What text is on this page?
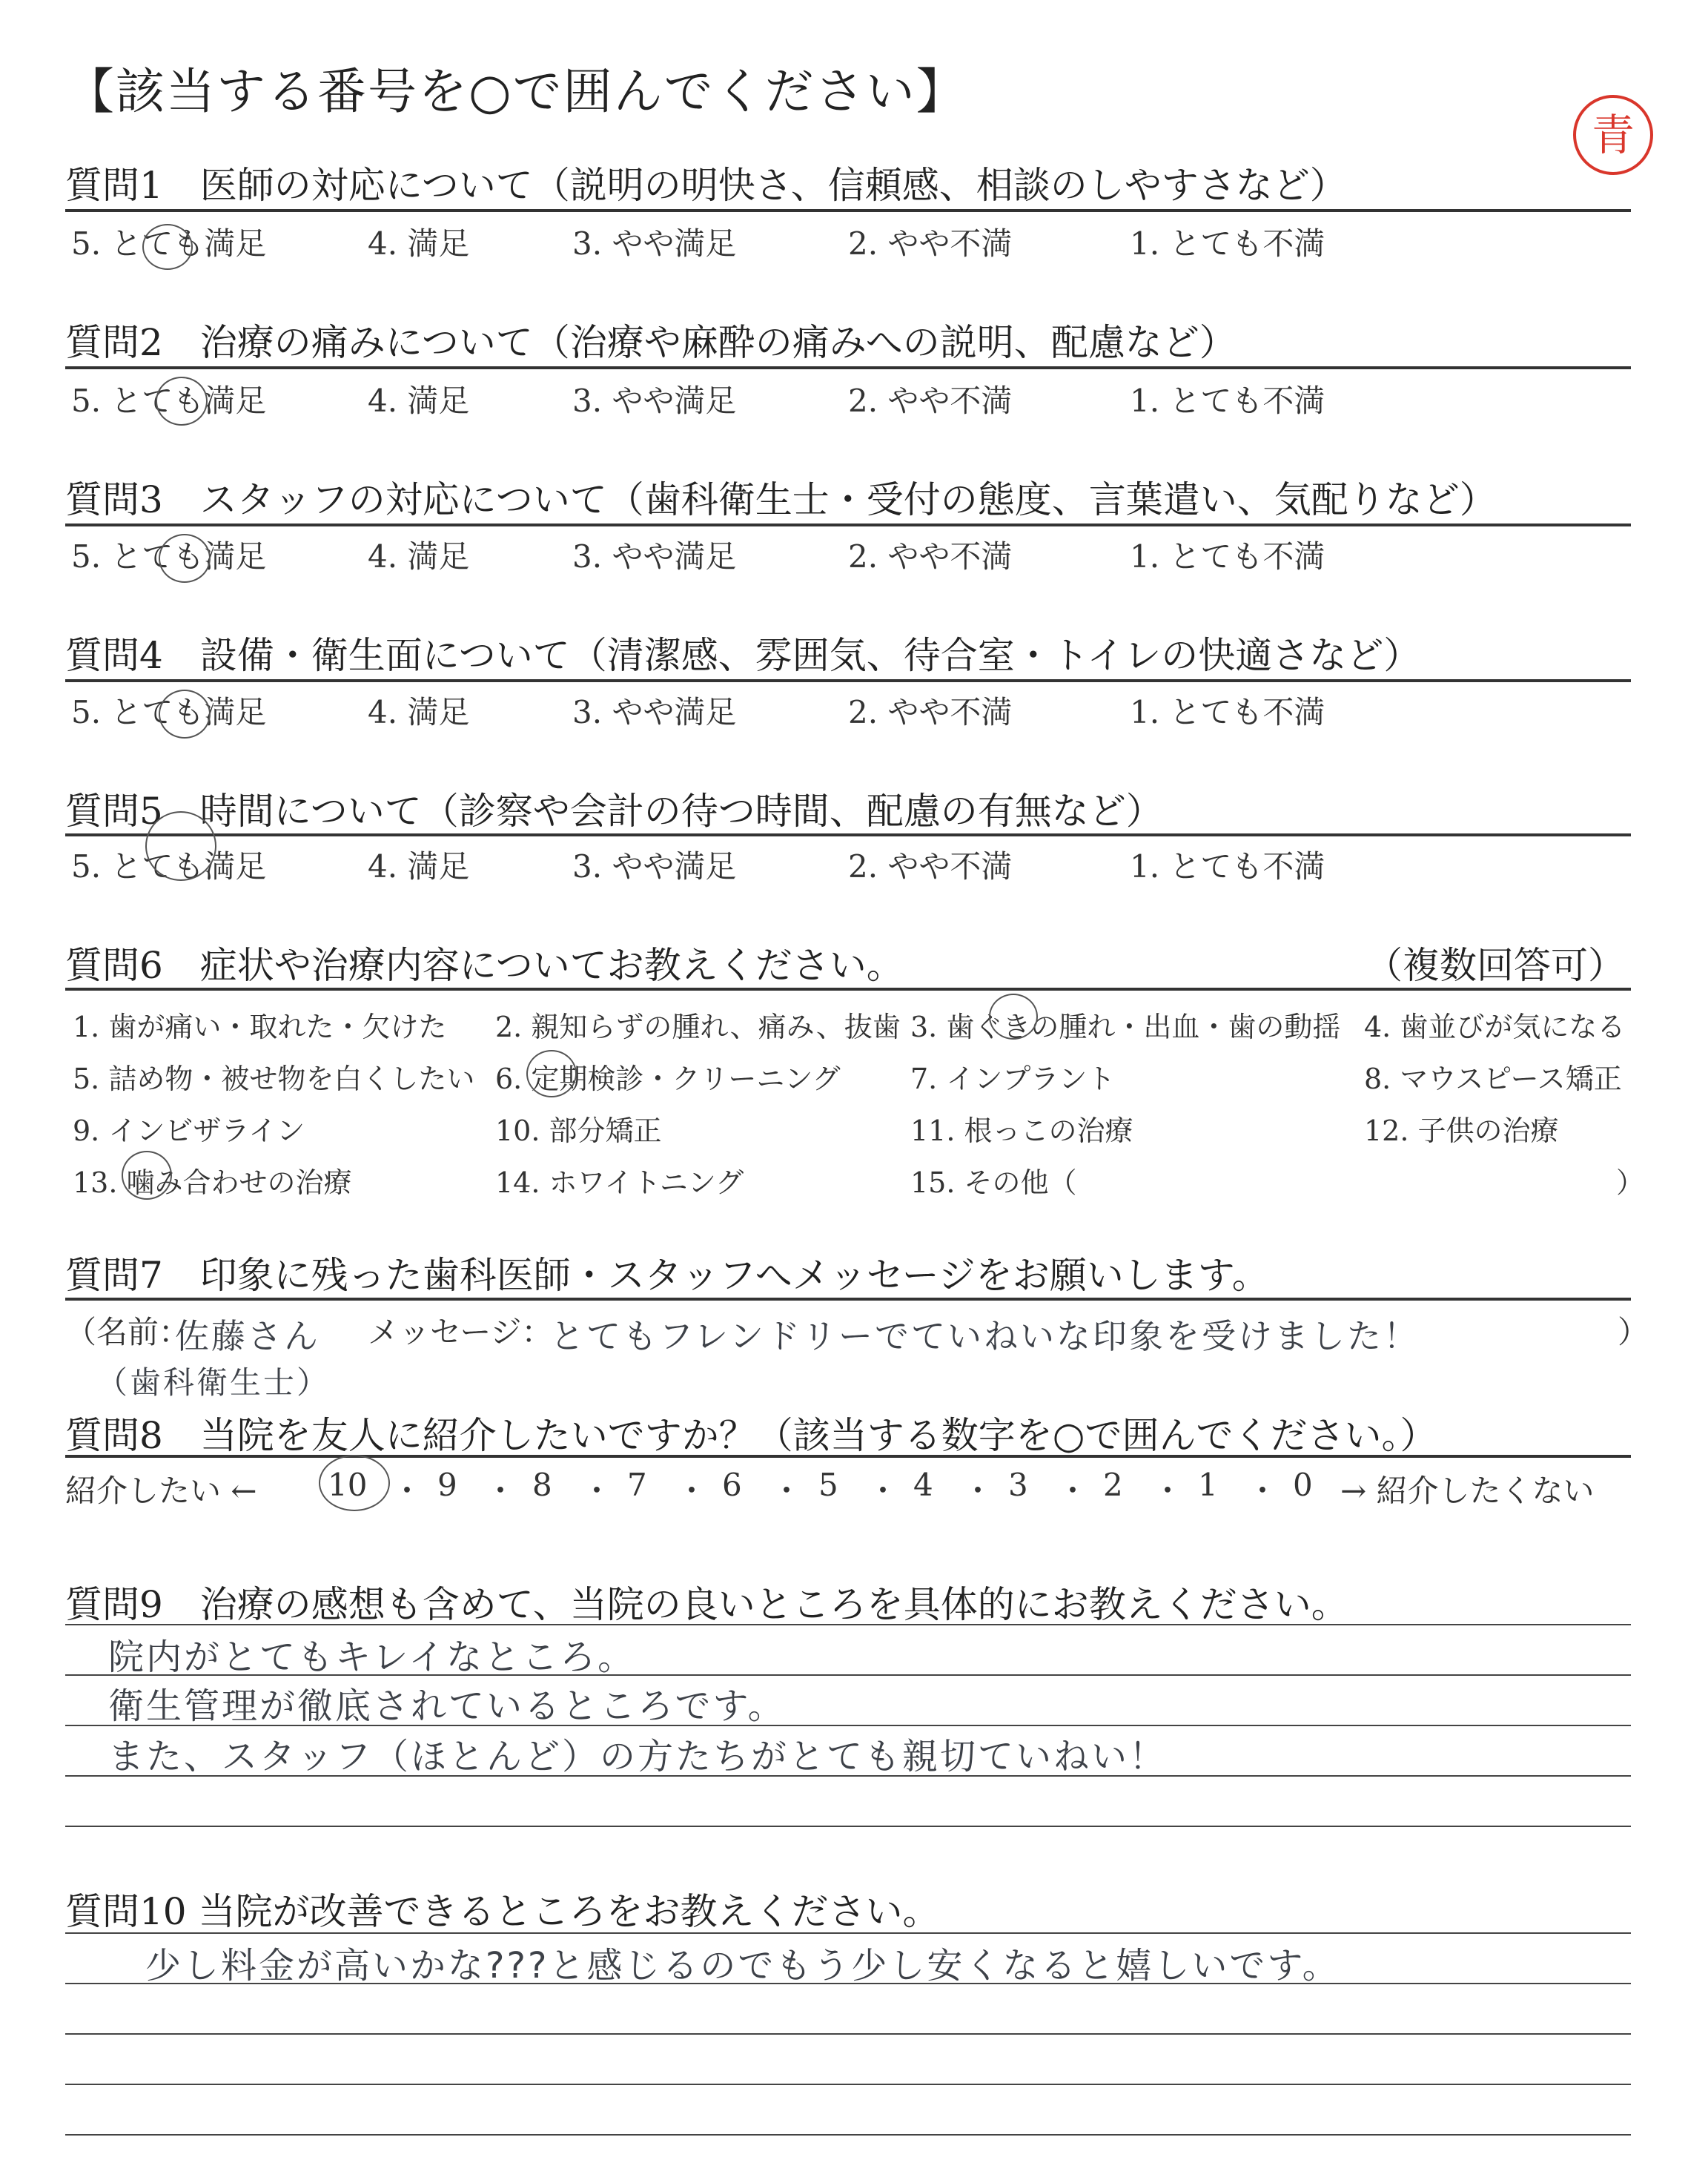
【該当する番号を○で囲んでください】
青
質問1　医師の対応について（説明の明快さ、信頼感、相談のしやすさなど）
5. とても満足	4. 満足	3. やや満足	2. やや不満	1. とても不満
質問2　治療の痛みについて（治療や麻酔の痛みへの説明、配慮など）
5. とても満足	4. 満足	3. やや満足	2. やや不満	1. とても不満
質問3　スタッフの対応について（歯科衛生士・受付の態度、言葉遣い、気配りなど）
5. とても満足	4. 満足	3. やや満足	2. やや不満	1. とても不満
質問4　設備・衛生面について（清潔感、雰囲気、待合室・トイレの快適さなど）
5. とても満足	4. 満足	3. やや満足	2. やや不満	1. とても不満
質問5　時間について（診察や会計の待つ時間、配慮の有無など）
5. とても満足	4. 満足	3. やや満足	2. やや不満	1. とても不満
質問6　症状や治療内容についてお教えください。	（複数回答可）
1. 歯が痛い・取れた・欠けた 2. 親知らずの腫れ、痛み、抜歯 3. 歯ぐきの腫れ・出血・歯の動揺 4. 歯並びが気になる
5. 詰め物・被せ物を白くしたい 6. 定期検診・クリーニング 7. インプラント	8. マウスピース矯正
9. インビザライン	10. 部分矯正	11. 根っこの治療	12. 子供の治療
13. 噛み合わせの治療	14. ホワイトニング	15. その他（	）
質問7　印象に残った歯科医師・スタッフへメッセージをお願いします。
（名前：
佐藤さん
（歯科衛生士）
メッセージ：
とてもフレンドリーでていねいな印象を受けました！	）
質問8　当院を友人に紹介したいですか？（該当する数字を○で囲んでください。）
紹介したい ←	→ 紹介したくない
10 ・ 9 ・ 8 ・ 7 ・ 6 ・ 5 ・ 4 ・ 3 ・ 2 ・ 1 ・ 0
質問9　治療の感想も含めて、当院の良いところを具体的にお教えください。
院内がとてもキレイなところ。
衛生管理が徹底されているところです。
また、スタッフ（ほとんど）の方たちがとても親切ていねい！
質問10 当院が改善できるところをお教えください。
少し料金が高いかな???と感じるのでもう少し安くなると嬉しいです。
